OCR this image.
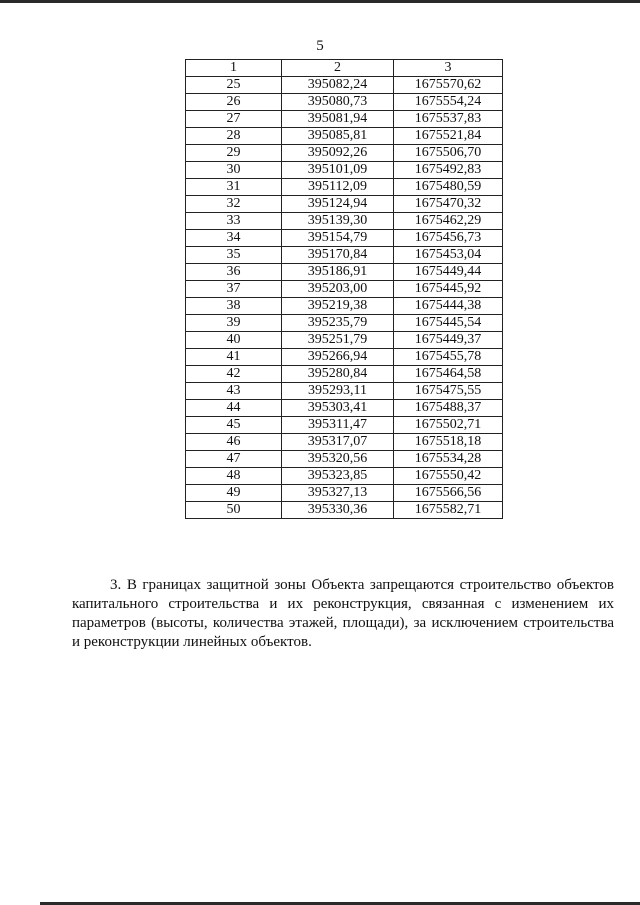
5
1	2	3
25	395082,24	1675570,62
26	395080,73	1675554,24
27	395081,94	1675537,83
28	395085,81	1675521,84
29	395092,26	1675506,70
30	395101,09	1675492,83
31	395112,09	1675480,59
32	395124,94	1675470,32
33	395139,30	1675462,29
34	395154,79	1675456,73
35	395170,84	1675453,04
36	395186,91	1675449,44
37	395203,00	1675445,92
38	395219,38	1675444,38
39	395235,79	1675445,54
40	395251,79	1675449,37
41	395266,94	1675455,78
42	395280,84	1675464,58
43	395293,11	1675475,55
44	395303,41	1675488,37
45	395311,47	1675502,71
46	395317,07	1675518,18
47	395320,56	1675534,28
48	395323,85	1675550,42
49	395327,13	1675566,56
50	395330,36	1675582,71

3. В границах защитной зоны Объекта запрещаются строительство объектов капитального строительства и их реконструкция, связанная с изменением их параметров (высоты, количества этажей, площади), за исключением строительства и реконструкции линейных объектов.
